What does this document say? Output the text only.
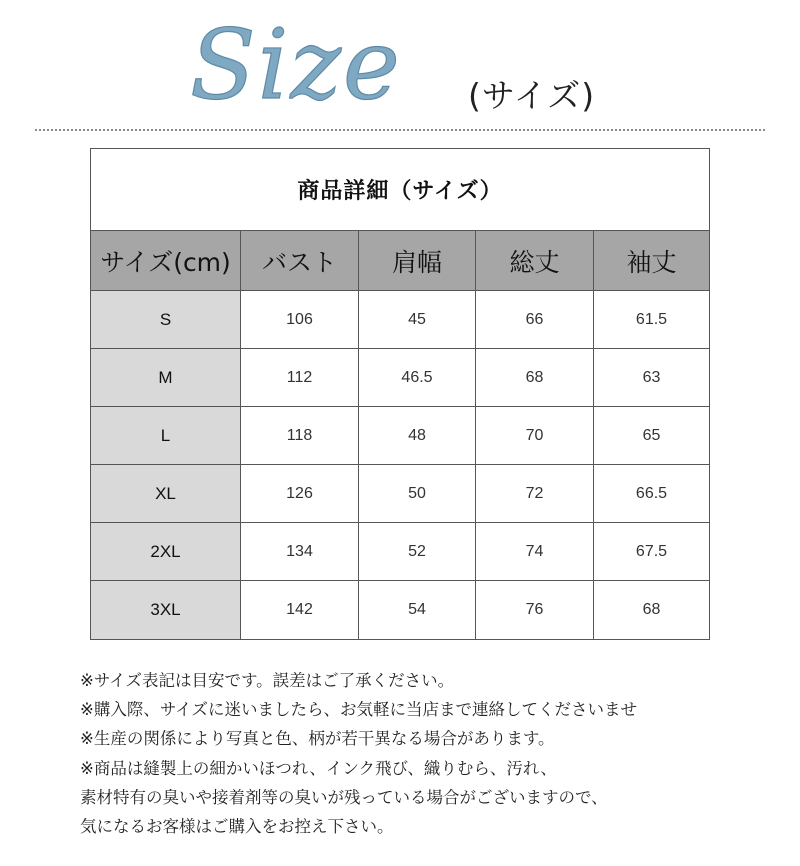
Size (サイズ)
商品詳細（サイズ）
サイズ(cm)	バスト	肩幅	総丈	袖丈
S	106	45	66	61.5
M	112	46.5	68	63
L	118	48	70	65
XL	126	50	72	66.5
2XL	134	52	74	67.5
3XL	142	54	76	68
※サイズ表記は目安です。誤差はご了承ください。
※購入際、サイズに迷いましたら、お気軽に当店まで連絡してくださいませ
※生産の関係により写真と色、柄が若干異なる場合があります。
※商品は縫製上の細かいほつれ、インク飛び、織りむら、汚れ、
素材特有の臭いや接着剤等の臭いが残っている場合がございますので、
気になるお客様はご購入をお控え下さい。
